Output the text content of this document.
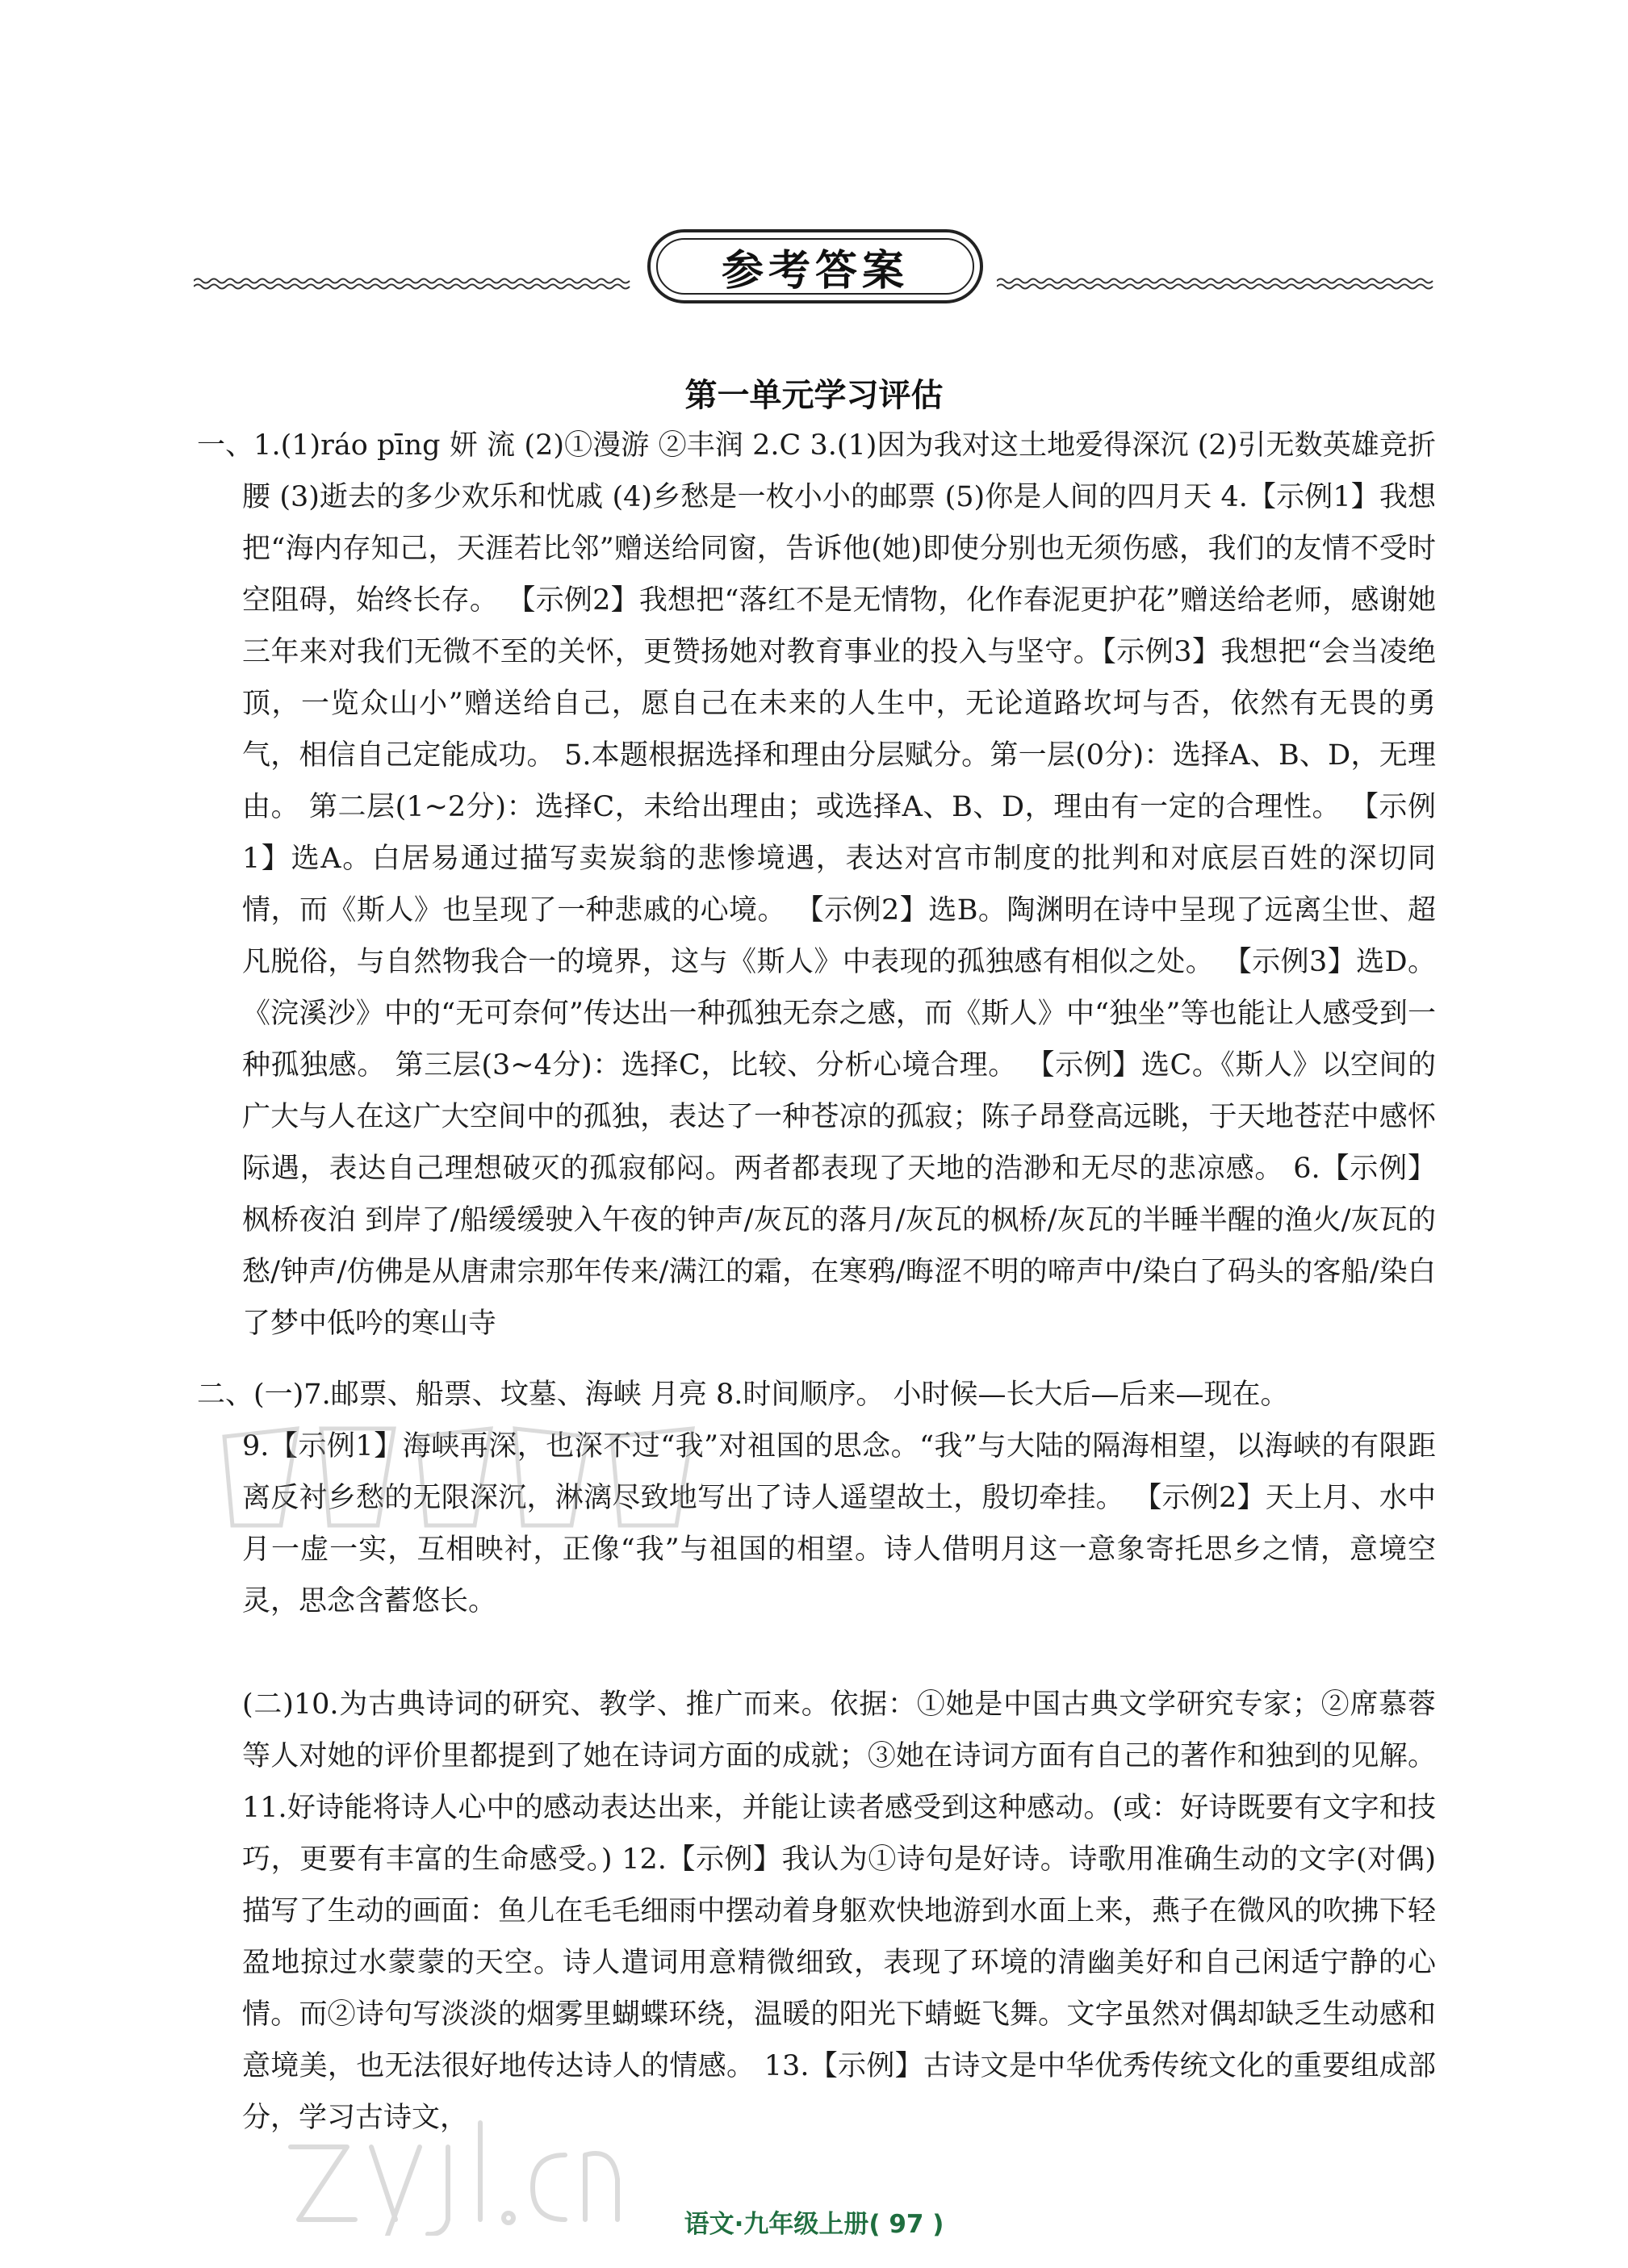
参考答案
第一单元学习评估

一、1.(1)ráo pīng 妍 流 (2)①漫游 ②丰润 2.C 3.(1)因为我对这土地爱得深沉 (2)引无数英雄竞折腰 (3)逝去的多少欢乐和忧戚 (4)乡愁是一枚小小的邮票 (5)你是人间的四月天 4.【示例1】我想把“海内存知己，天涯若比邻”赠送给同窗，告诉他(她)即使分别也无须伤感，我们的友情不受时空阻碍，始终长存。 【示例2】我想把“落红不是无情物，化作春泥更护花”赠送给老师，感谢她三年来对我们无微不至的关怀，更赞扬她对教育事业的投入与坚守。【示例3】我想把“会当凌绝顶，一览众山小”赠送给自己，愿自己在未来的人生中，无论道路坎坷与否，依然有无畏的勇气，相信自己定能成功。 5.本题根据选择和理由分层赋分。第一层(0分)：选择A、B、D，无理由。 第二层(1~2分)：选择C，未给出理由；或选择A、B、D，理由有一定的合理性。 【示例1】选A。白居易通过描写卖炭翁的悲惨境遇，表达对宫市制度的批判和对底层百姓的深切同情，而《斯人》也呈现了一种悲戚的心境。 【示例2】选B。陶渊明在诗中呈现了远离尘世、超凡脱俗，与自然物我合一的境界，这与《斯人》中表现的孤独感有相似之处。 【示例3】选D。《浣溪沙》中的“无可奈何”传达出一种孤独无奈之感，而《斯人》中“独坐”等也能让人感受到一种孤独感。 第三层(3~4分)：选择C，比较、分析心境合理。 【示例】选C。《斯人》以空间的广大与人在这广大空间中的孤独，表达了一种苍凉的孤寂；陈子昂登高远眺，于天地苍茫中感怀际遇，表达自己理想破灭的孤寂郁闷。两者都表现了天地的浩渺和无尽的悲凉感。 6.【示例】枫桥夜泊 到岸了/船缓缓驶入午夜的钟声/灰瓦的落月/灰瓦的枫桥/灰瓦的半睡半醒的渔火/灰瓦的愁/钟声/仿佛是从唐肃宗那年传来/满江的霜，在寒鸦/晦涩不明的啼声中/染白了码头的客船/染白了梦中低吟的寒山寺

二、(一)7.邮票、船票、坟墓、海峡 月亮 8.时间顺序。 小时候—长大后—后来—现在。

9.【示例1】海峡再深，也深不过“我”对祖国的思念。“我”与大陆的隔海相望，以海峡的有限距离反衬乡愁的无限深沉，淋漓尽致地写出了诗人遥望故土，殷切牵挂。 【示例2】天上月、水中月一虚一实，互相映衬，正像“我”与祖国的相望。诗人借明月这一意象寄托思乡之情，意境空灵，思念含蓄悠长。

(二)10.为古典诗词的研究、教学、推广而来。依据：①她是中国古典文学研究专家；②席慕蓉等人对她的评价里都提到了她在诗词方面的成就；③她在诗词方面有自己的著作和独到的见解。 11.好诗能将诗人心中的感动表达出来，并能让读者感受到这种感动。(或：好诗既要有文字和技巧，更要有丰富的生命感受。) 12.【示例】我认为①诗句是好诗。诗歌用准确生动的文字(对偶)描写了生动的画面：鱼儿在毛毛细雨中摆动着身躯欢快地游到水面上来，燕子在微风的吹拂下轻盈地掠过水蒙蒙的天空。诗人遣词用意精微细致，表现了环境的清幽美好和自己闲适宁静的心情。而②诗句写淡淡的烟雾里蝴蝶环绕，温暖的阳光下蜻蜓飞舞。文字虽然对偶却缺乏生动感和意境美，也无法很好地传达诗人的情感。 13.【示例】古诗文是中华优秀传统文化的重要组成部分，学习古诗文，

语文·九年级上册( 97 )
